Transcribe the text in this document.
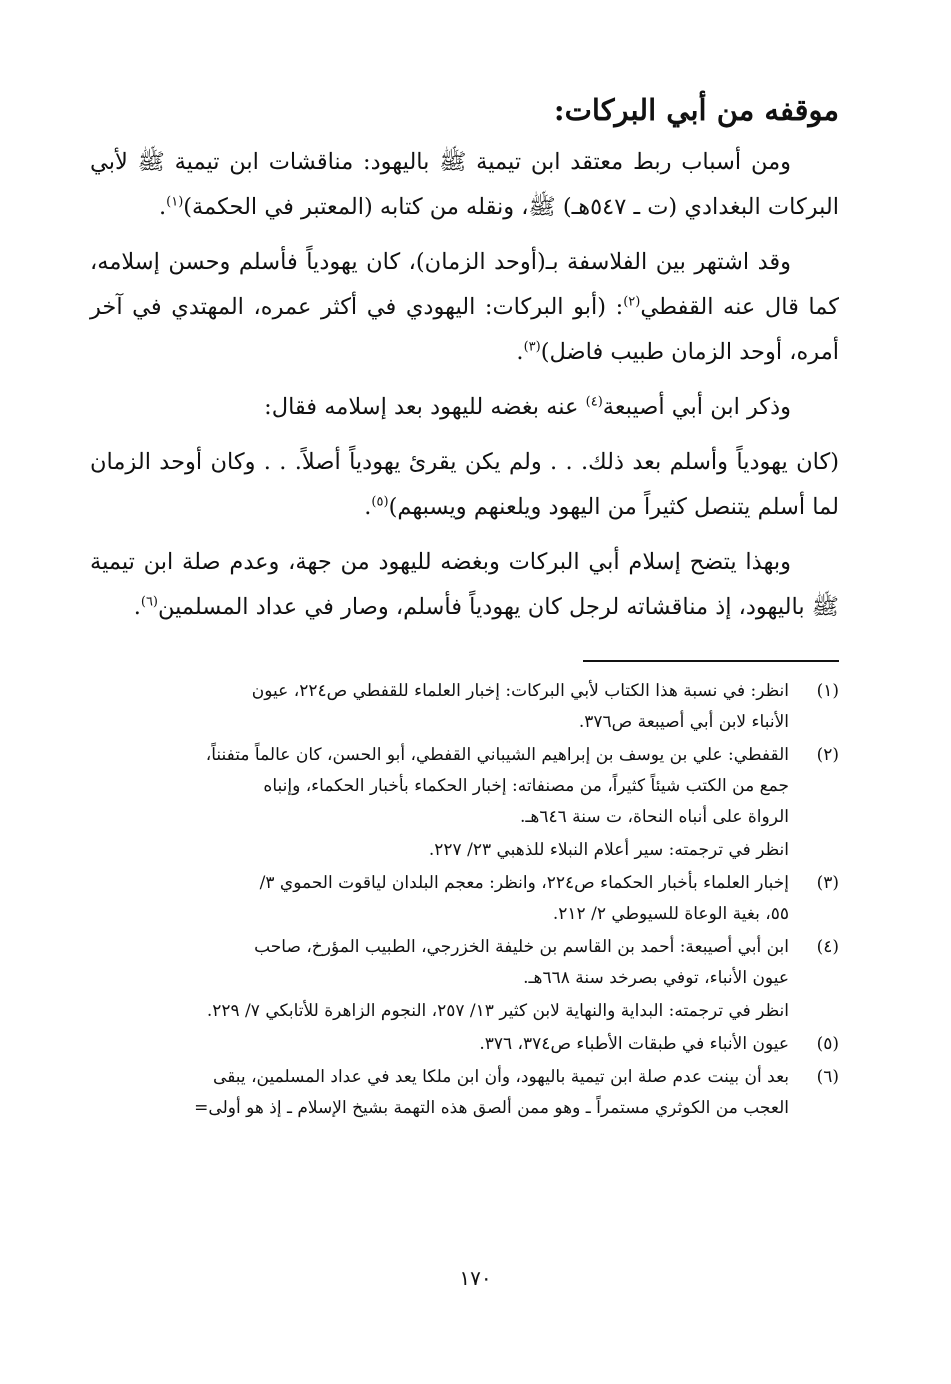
موقفه من أبي البركات:

ومن أسباب ربط معتقد ابن تيمية ﷺ باليهود: مناقشات ابن تيمية ﷺ لأبي البركات البغدادي (ت ـ ٥٤٧هـ) ﷺ، ونقله من كتابه (المعتبر في الحكمة)$^{(١)}$.

وقد اشتهر بين الفلاسفة بـ(أوحد الزمان)، كان يهودياً فأسلم وحسن إسلامه، كما قال عنه القفطي$^{(٢)}$: (أبو البركات: اليهودي في أكثر عمره، المهتدي في آخر أمره، أوحد الزمان طبيب فاضل)$^{(٣)}$.

وذكر ابن أبي أصيبعة$^{(٤)}$ عنه بغضه لليهود بعد إسلامه فقال:

(كان يهودياً وأسلم بعد ذلك. . . ولم يكن يقرئ يهودياً أصلاً. . . وكان أوحد الزمان لما أسلم يتنصل كثيراً من اليهود ويلعنهم ويسبهم)$^{(٥)}$.

وبهذا يتضح إسلام أبي البركات وبغضه لليهود من جهة، وعدم صلة ابن تيمية ﷺ باليهود، إذ مناقشاته لرجل كان يهودياً فأسلم، وصار في عداد المسلمين$^{(٦)}$.

(١)
انظر: في نسبة هذا الكتاب لأبي البركات: إخبار العلماء للقفطي ص٢٢٤، عيون
الأنباء لابن أبي أصيبعة ص٣٧٦.
(٢)
القفطي: علي بن يوسف بن إبراهيم الشيباني القفطي، أبو الحسن، كان عالماً متفنناً،
جمع من الكتب شيئاً كثيراً، من مصنفاته: إخبار الحكماء بأخبار الحكماء، وإنباه
الرواة على أنباه النحاة، ت سنة ٦٤٦هـ.
انظر في ترجمته: سير أعلام النبلاء للذهبي ٢٣/ ٢٢٧.
(٣)
إخبار العلماء بأخبار الحكماء ص٢٢٤، وانظر: معجم البلدان لياقوت الحموي ٣/
٥٥، بغية الوعاة للسيوطي ٢/ ٢١٢.
(٤)
ابن أبي أصيبعة: أحمد بن القاسم بن خليفة الخزرجي، الطبيب المؤرخ، صاحب
عيون الأنباء، توفي بصرخد سنة ٦٦٨هـ.
انظر في ترجمته: البداية والنهاية لابن كثير ١٣/ ٢٥٧، النجوم الزاهرة للأتابكي ٧/ ٢٢٩.
(٥)
عيون الأنباء في طبقات الأطباء ص٣٧٤، ٣٧٦.
(٦)
بعد أن بينت عدم صلة ابن تيمية باليهود، وأن ابن ملكا يعد في عداد المسلمين، يبقى
العجب من الكوثري مستمراً ـ وهو ممن ألصق هذه التهمة بشيخ الإسلام ـ إذ هو أولى=
١٧٠
